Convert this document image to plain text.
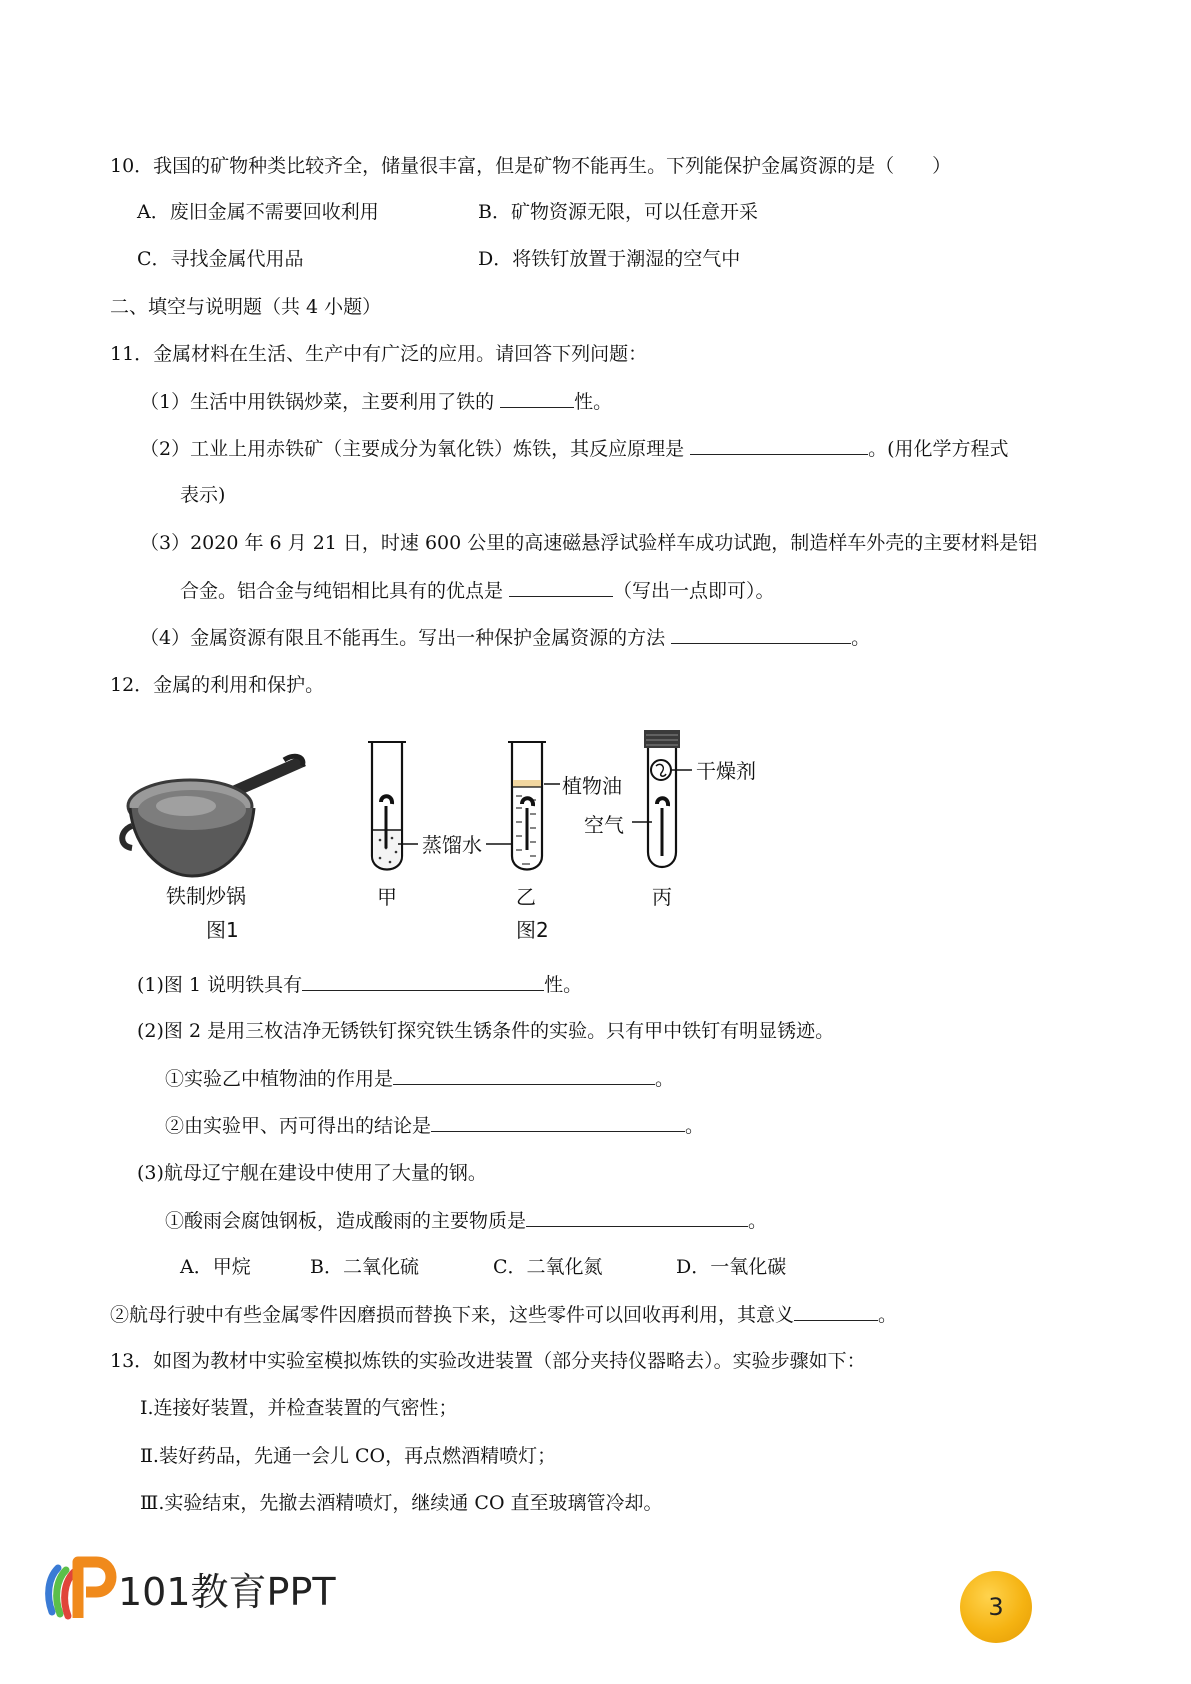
10．我国的矿物种类比较齐全，储量很丰富，但是矿物不能再生。下列能保护金属资源的是（　　）
A．废旧金属不需要回收利用	B．矿物资源无限，可以任意开采
C．寻找金属代用品	D．将铁钉放置于潮湿的空气中
二、填空与说明题（共 4 小题）
11．金属材料在生活、生产中有广泛的应用。请回答下列问题：
（1）生活中用铁锅炒菜，主要利用了铁的	性。
（2）工业上用赤铁矿（主要成分为氧化铁）炼铁，其反应原理是	。(用化学方程式
表示)
（3）2020 年 6 月 21 日，时速 600 公里的高速磁悬浮试验样车成功试跑，制造样车外壳的主要材料是铝
合金。铝合金与纯铝相比具有的优点是	（写出一点即可）。
（4）金属资源有限且不能再生。写出一种保护金属资源的方法	。
12．金属的利用和保护。
铁制炒锅
图1
蒸馏水
甲
植物油
乙
图2
干燥剂
空气
丙
(1)图 1 说明铁具有	性。
(2)图 2 是用三枚洁净无锈铁钉探究铁生锈条件的实验。只有甲中铁钉有明显锈迹。
①实验乙中植物油的作用是	。
②由实验甲、丙可得出的结论是	。
(3)航母辽宁舰在建设中使用了大量的钢。
①酸雨会腐蚀钢板，造成酸雨的主要物质是	。
A．甲烷	B．二氧化硫	C．二氧化氮	D．一氧化碳
②航母行驶中有些金属零件因磨损而替换下来，这些零件可以回收再利用，其意义	。
13．如图为教材中实验室模拟炼铁的实验改进装置（部分夹持仪器略去）。实验步骤如下：
Ⅰ.连接好装置，并检查装置的气密性；
Ⅱ.装好药品，先通一会儿 CO，再点燃酒精喷灯；
Ⅲ.实验结束，先撤去酒精喷灯，继续通 CO 直至玻璃管冷却。
101教育PPT	3
